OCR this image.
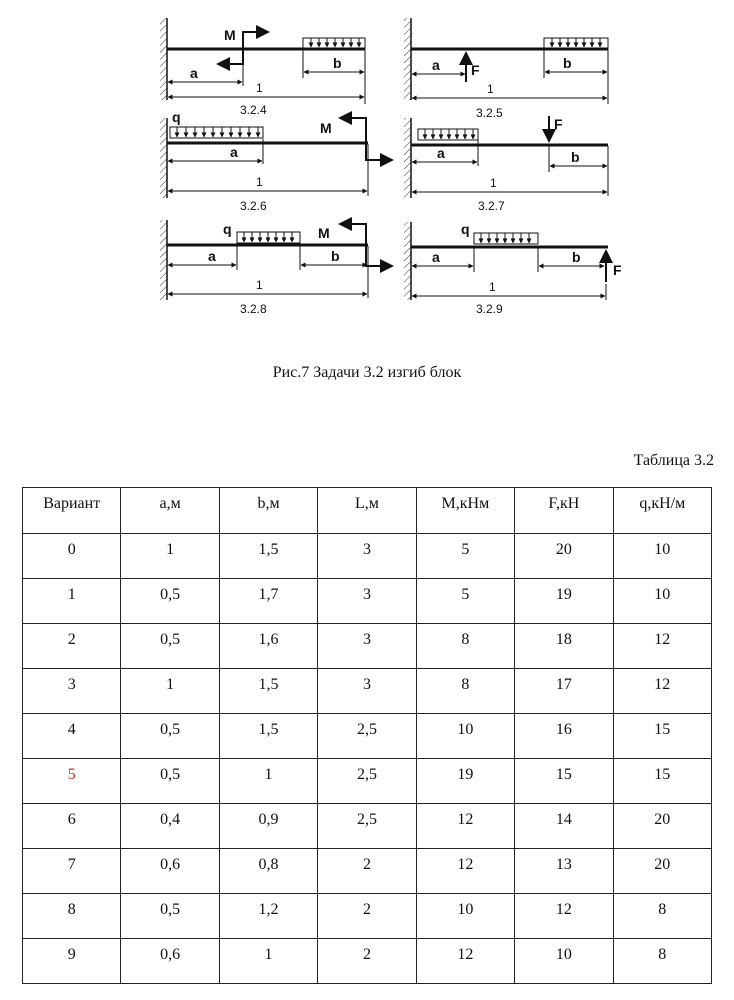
M
a
b
1
3.2.4
F
a	b
1
3.2.5
q
M
a
1
3.2.6
F
a	b
1
3.2.7
q	M
a	b
1
3.2.8
q
F
a	b
1
3.2.9
Рис.7 Задачи 3.2 изгиб блок
Таблица 3.2
Вариант	a,м	b,м	L,м	M,кНм	F,кН	q,кН/м
0	1	1,5	3	5	20	10
1	0,5	1,7	3	5	19	10
2	0,5	1,6	3	8	18	12
3	1	1,5	3	8	17	12
4	0,5	1,5	2,5	10	16	15
5	0,5	1	2,5	19	15	15
6	0,4	0,9	2,5	12	14	20
7	0,6	0,8	2	12	13	20
8	0,5	1,2	2	10	12	8
9	0,6	1	2	12	10	8
